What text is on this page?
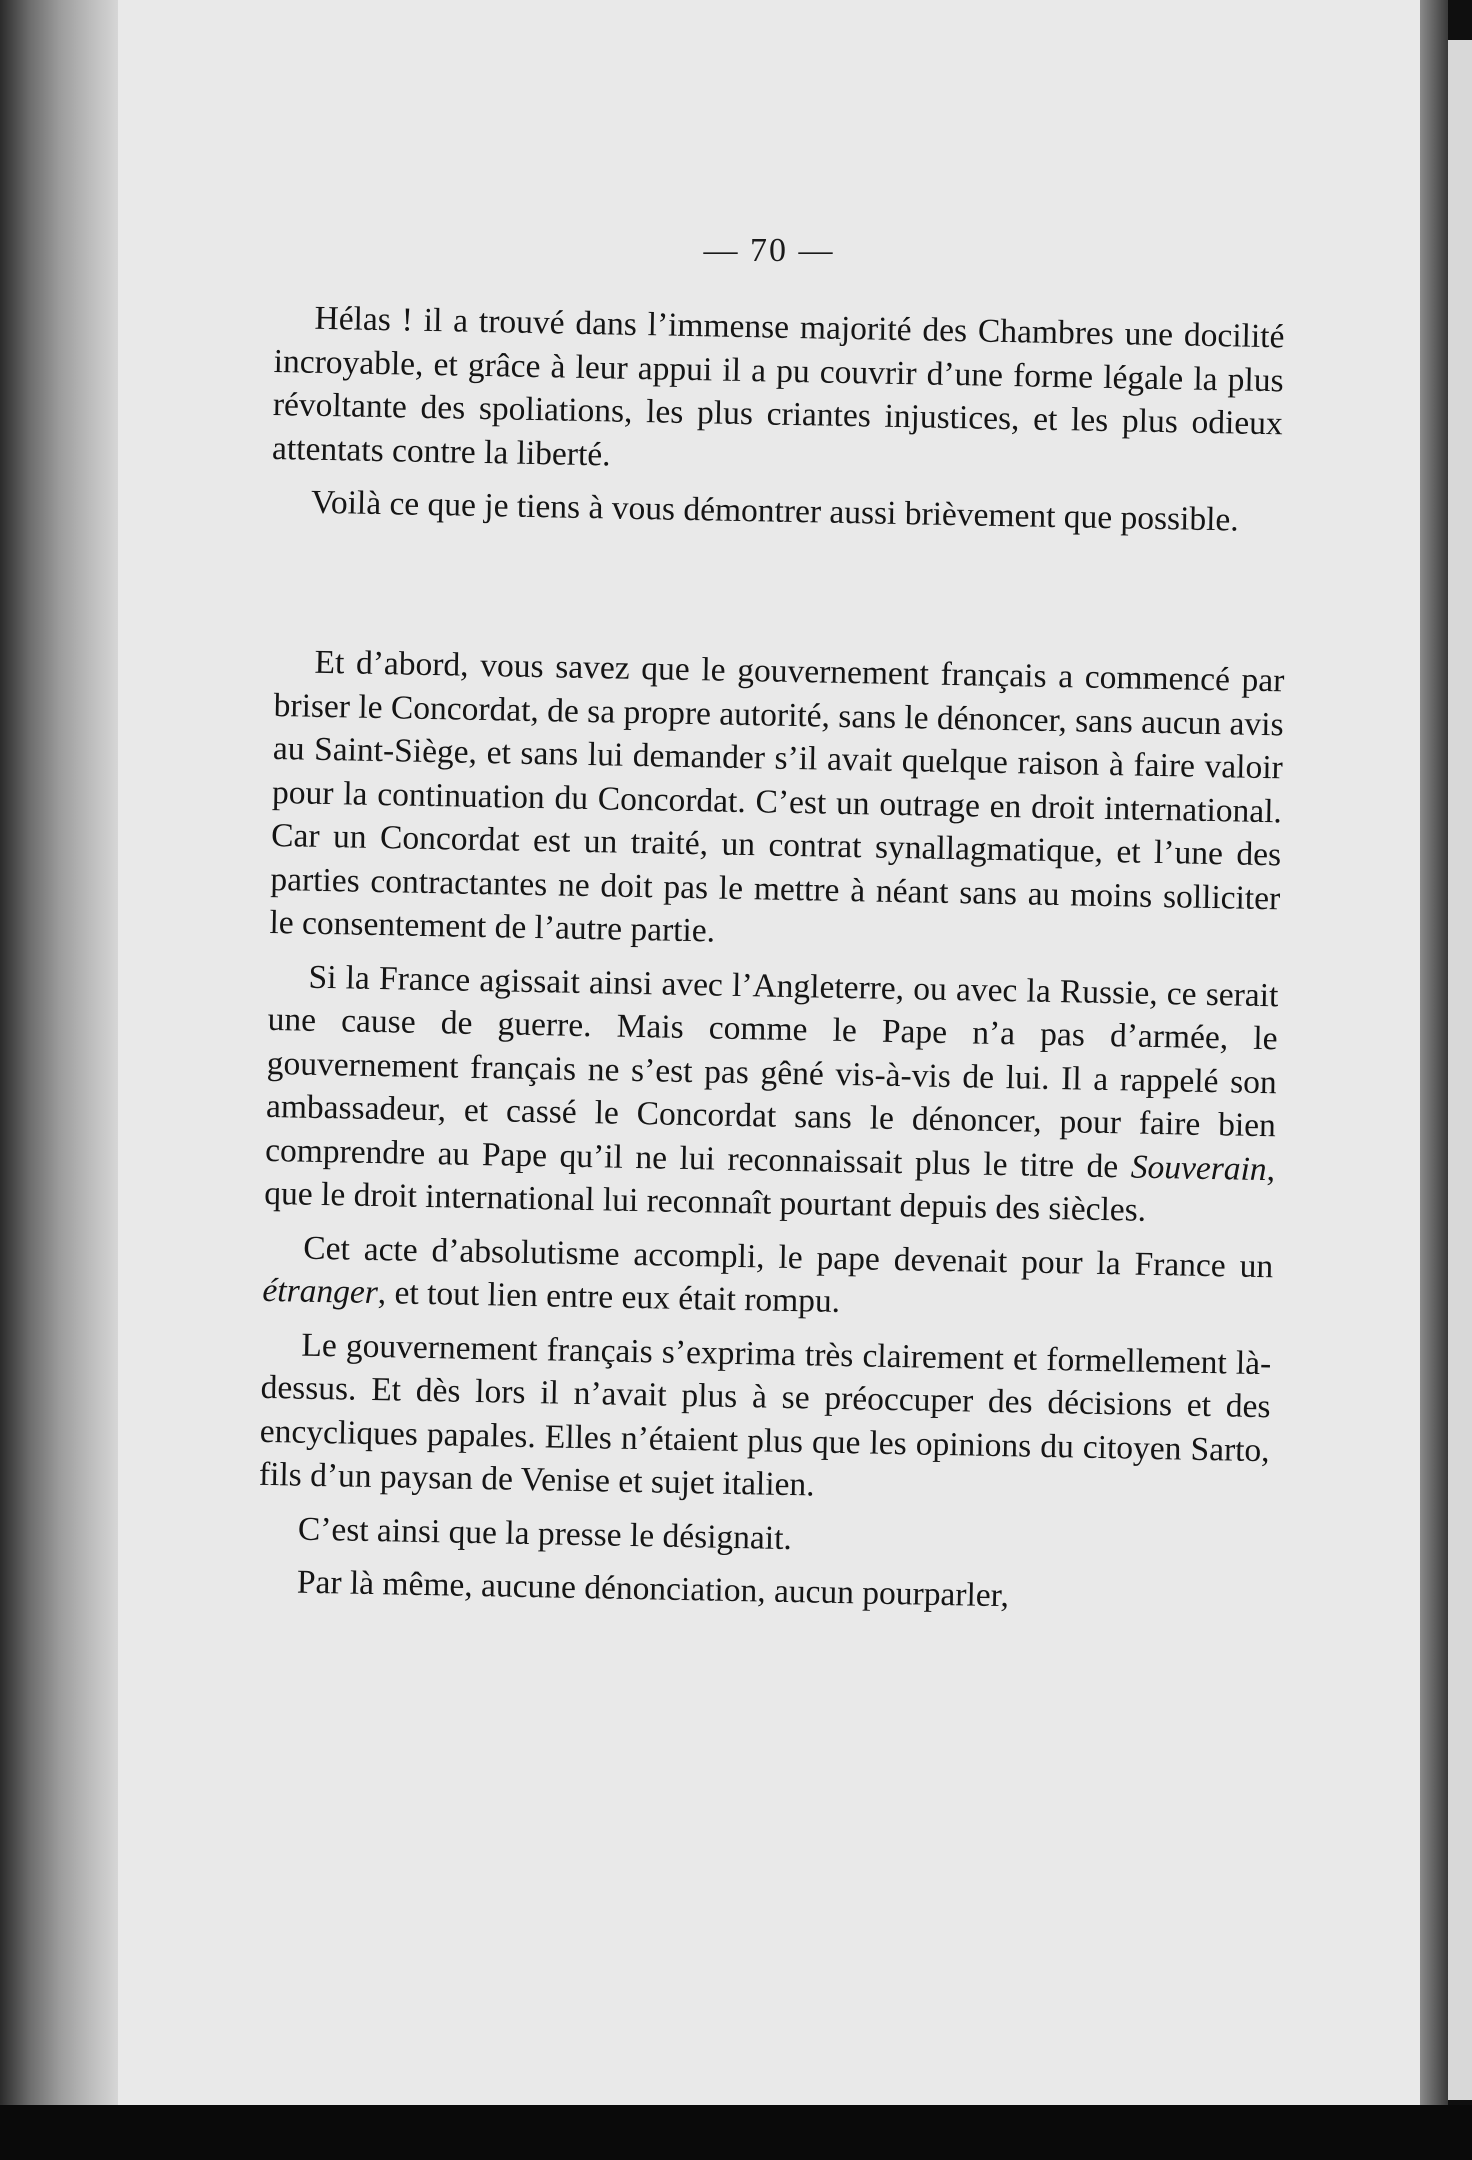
— 70 —

Hélas ! il a trouvé dans l’immense majorité des Chambres une docilité incroyable, et grâce à leur appui il a pu couvrir d’une forme légale la plus révoltante des spoliations, les plus criantes injustices, et les plus odieux attentats contre la liberté.

Voilà ce que je tiens à vous démontrer aussi brièvement que possible.

Et d’abord, vous savez que le gouvernement français a commencé par briser le Concordat, de sa propre autorité, sans le dénoncer, sans aucun avis au Saint-Siège, et sans lui demander s’il avait quelque raison à faire valoir pour la continuation du Concordat. C’est un outrage en droit international. Car un Concordat est un traité, un contrat synallagmatique, et l’une des parties contractantes ne doit pas le mettre à néant sans au moins solliciter le consentement de l’autre partie.

Si la France agissait ainsi avec l’Angleterre, ou avec la Russie, ce serait une cause de guerre. Mais comme le Pape n’a pas d’armée, le gouvernement français ne s’est pas gêné vis-à-vis de lui. Il a rappelé son ambassadeur, et cassé le Concordat sans le dénoncer, pour faire bien comprendre au Pape qu’il ne lui reconnaissait plus le titre de Souverain, que le droit international lui reconnaît pourtant depuis des siècles.

Cet acte d’absolutisme accompli, le pape devenait pour la France un étranger, et tout lien entre eux était rompu.

Le gouvernement français s’exprima très clairement et formellement là-dessus. Et dès lors il n’avait plus à se préoccuper des décisions et des encycliques papales. Elles n’étaient plus que les opinions du citoyen Sarto, fils d’un paysan de Venise et sujet italien.

C’est ainsi que la presse le désignait.

Par là même, aucune dénonciation, aucun pourparler,
